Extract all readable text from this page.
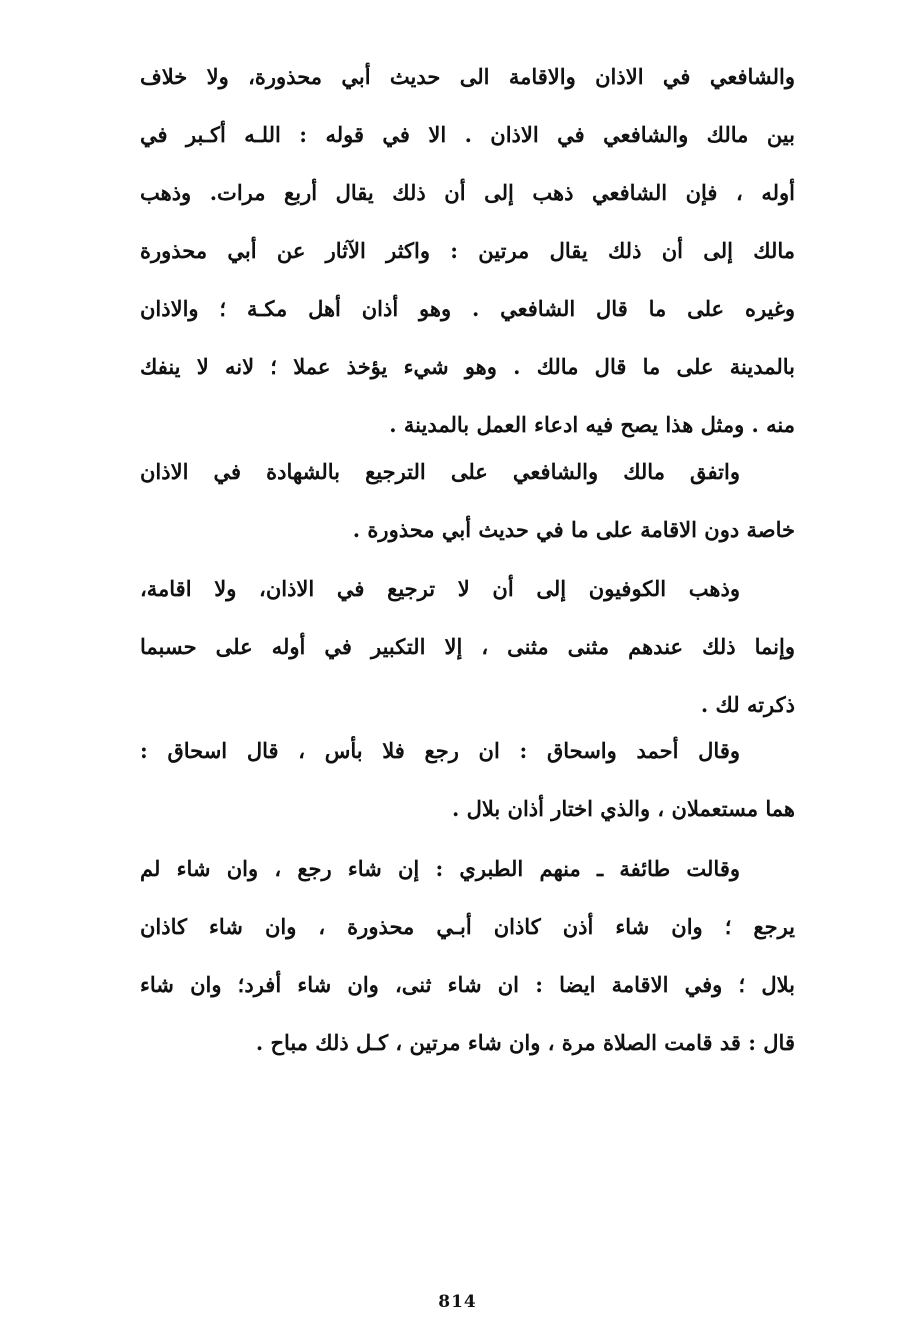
والشافعي في الاذان والاقامة الى حديث أبي محذورة، ولا خلاف
بين مالك والشافعي في الاذان . الا في قوله : اللـه أكـبر في
أوله ، فإن الشافعي ذهب إلى أن ذلك يقال أربع مرات. وذهب
مالك إلى أن ذلك يقال مرتين : واكثر الآثار عن أبي محذورة
وغيره على ما قال الشافعي . وهو أذان أهل مكـة ؛ والاذان
بالمدينة على ما قال مالك . وهو شيء يؤخذ عملا ؛ لانه لا ينفك
منه . ومثل هذا يصح فيه ادعاء العمل بالمدينة .
واتفق مالك والشافعي على الترجيع بالشهادة في الاذان
خاصة دون الاقامة على ما في حديث أبي محذورة .
وذهب الكوفيون إلى أن لا ترجيع في الاذان، ولا اقامة،
وإنما ذلك عندهم مثنى مثنى ، إلا التكبير في أوله على حسبما
ذكرته لك .
وقال أحمد واسحاق : ان رجع فلا بأس ، قال اسحاق :
هما مستعملان ، والذي اختار أذان بلال .
وقالت طائفة ـ منهم الطبري : إن شاء رجع ، وان شاء لم
يرجع ؛ وان شاء أذن كاذان أبـي محذورة ، وان شاء كاذان
بلال ؛ وفي الاقامة ايضا : ان شاء ثنى، وان شاء أفرد؛ وان شاء
قال : قد قامت الصلاة مرة ، وان شاء مرتين ، كـل ذلك مباح .
814
